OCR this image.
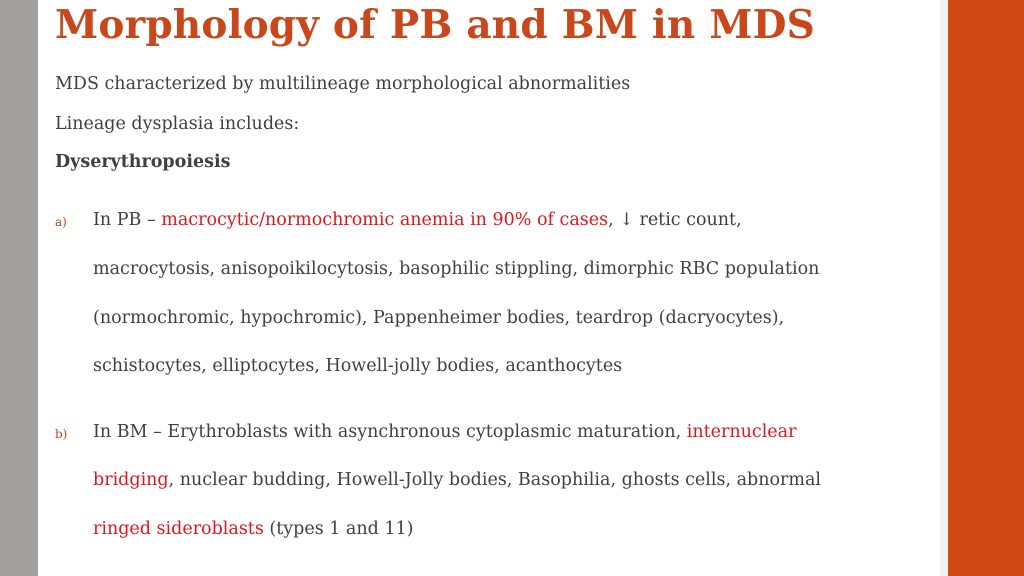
Morphology of PB and BM in MDS
MDS characterized by multilineage morphological abnormalities
Lineage dysplasia includes:
Dyserythropoiesis
a) In PB – macrocytic/normochromic anemia in 90% of cases, ↓ retic count,
macrocytosis, anisopoikilocytosis, basophilic stippling, dimorphic RBC population
(normochromic, hypochromic), Pappenheimer bodies, teardrop (dacryocytes),
schistocytes, elliptocytes, Howell-jolly bodies, acanthocytes
b) In BM – Erythroblasts with asynchronous cytoplasmic maturation, internuclear
bridging, nuclear budding, Howell-Jolly bodies, Basophilia, ghosts cells, abnormal
ringed sideroblasts (types 1 and 11)
